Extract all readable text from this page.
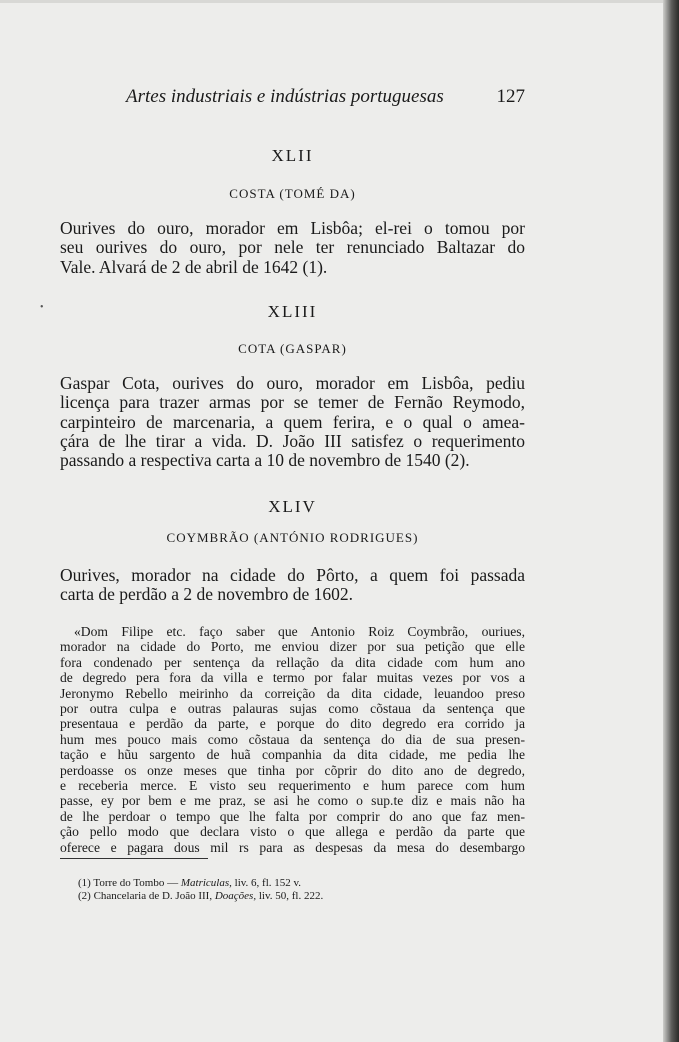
Artes industriais e indústrias portuguesas	127
XLII
COSTA (TOMÉ DA)
Ourives do ouro, morador em Lisbôa; el-rei o tomou por
seu ourives do ouro, por nele ter renunciado Baltazar do
Vale. Alvará de 2 de abril de 1642 (1).
•	XLIII
COTA (GASPAR)
Gaspar Cota, ourives do ouro, morador em Lisbôa, pediu
licença para trazer armas por se temer de Fernão Reymodo,
carpinteiro de marcenaria, a quem ferira, e o qual o amea-
çára de lhe tirar a vida. D. João III satisfez o requerimento
passando a respectiva carta a 10 de novembro de 1540 (2).
XLIV
COYMBRÃO (ANTÓNIO RODRIGUES)
Ourives, morador na cidade do Pôrto, a quem foi passada
carta de perdão a 2 de novembro de 1602.
«Dom Filipe etc. faço saber que Antonio Roiz Coymbrão, ouriues,
morador na cidade do Porto, me enviou dizer por sua petição que elle
fora condenado per sentença da rellação da dita cidade com hum ano
de degredo pera fora da villa e termo por falar muitas vezes por vos a
Jeronymo Rebello meirinho da correição da dita cidade, leuandoo preso
por outra culpa e outras palauras sujas como cõstaua da sentença que
presentaua e perdão da parte, e porque do dito degredo era corrido ja
hum mes pouco mais como cõstaua da sentença do dia de sua presen-
tação e hũu sargento de huã companhia da dita cidade, me pedia lhe
perdoasse os onze meses que tinha por cõprir do dito ano de degredo,
e receberia merce. E visto seu requerimento e hum parece com hum
passe, ey por bem e me praz, se asi he como o sup.te diz e mais não ha
de lhe perdoar o tempo que lhe falta por comprir do ano que faz men-
ção pello modo que declara visto o que allega e perdão da parte que
oferece e pagara dous mil rs para as despesas da mesa do desembargo
(1) Torre do Tombo — Matriculas, liv. 6, fl. 152 v.
(2) Chancelaria de D. João III, Doações, liv. 50, fl. 222.
